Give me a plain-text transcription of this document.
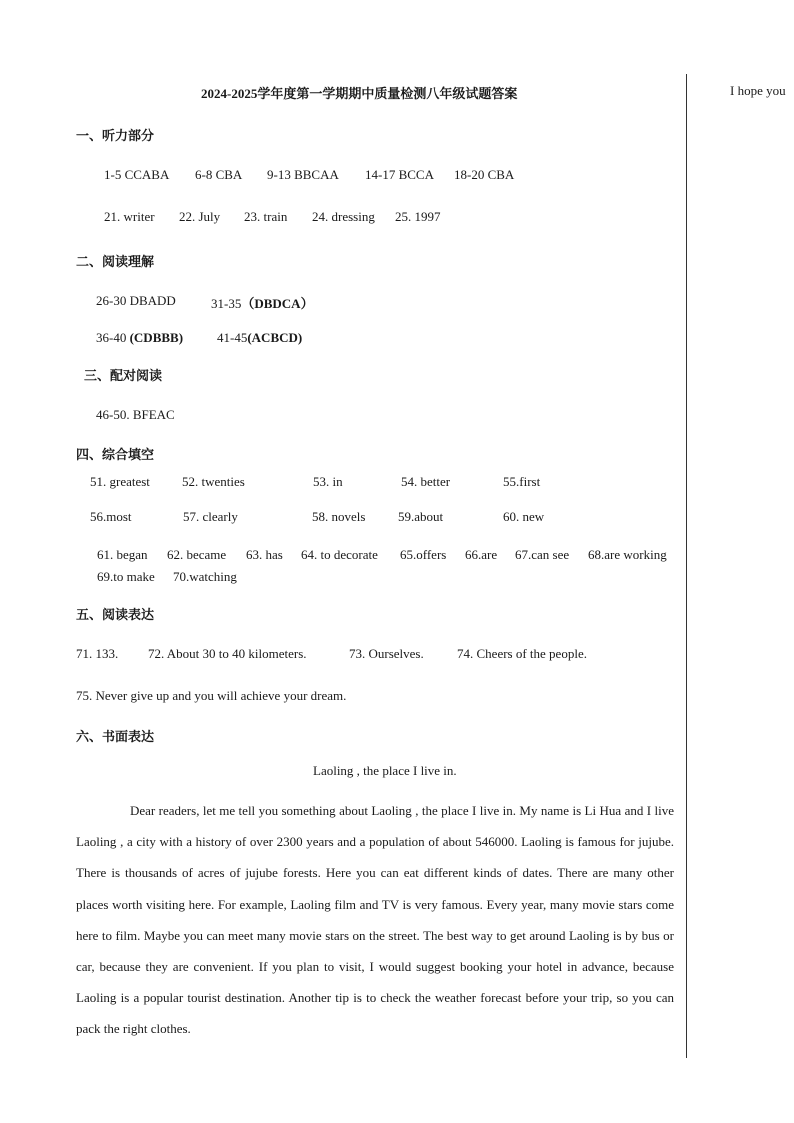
2024-2025学年度第一学期期中质量检测八年级试题答案	I hope you
一、听力部分
1-5 CCABA 6-8 CBA 9-13 BBCAA 14-17 BCCA 18-20 CBA
21. writer 22. July 23. train 24. dressing 25. 1997
二、阅读理解
26-30 DBADD	31-35（DBDCA）
36-40 (CDBBB)	41-45(ACBCD)
三、配对阅读
46-50. BFEAC
四、综合填空
51. greatest 52. twenties	53. in	54. better	55.first
56.most	57. clearly	58. novels	59.about	60. new
61. began 62. became 63. has 64. to decorate 65.offers 66.are 67.can see 68.are working
69.to make 70.watching
五、阅读表达
71. 133. 72. About 30 to 40 kilometers.	73. Ourselves.	74. Cheers of the people.
75. Never give up and you will achieve your dream.
六、书面表达
Laoling , the place I live in.
Dear readers, let me tell you something about Laoling , the place I live in. My name is Li Hua and I live Laoling , a city with a history of over 2300 years and a population of about 546000. Laoling is famous for jujube. There is thousands of acres of jujube forests. Here you can eat different kinds of dates. There are many other places worth visiting here. For example, Laoling film and TV is very famous. Every year, many movie stars come here to film. Maybe you can meet many movie stars on the street. The best way to get around Laoling is by bus or car, because they are convenient. If you plan to visit, I would suggest booking your hotel in advance, because Laoling is a popular tourist destination. Another tip is to check the weather forecast before your trip, so you can pack the right clothes.
